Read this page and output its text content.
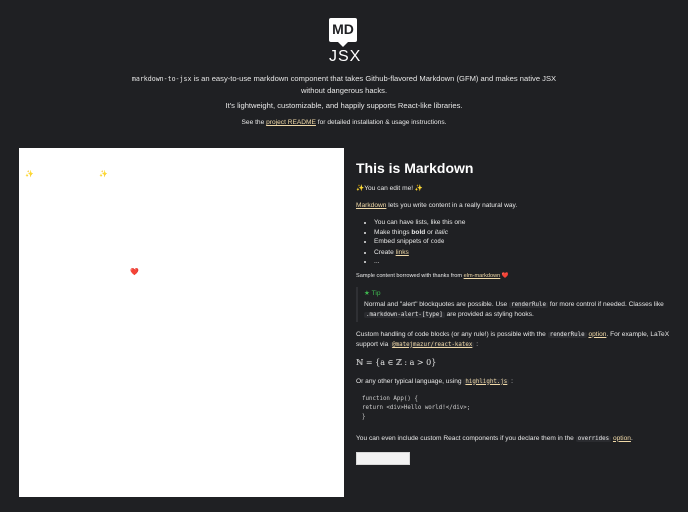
MD
JSX
markdown-to-jsx is an easy-to-use markdown component that takes Github-flavored Markdown (GFM) and makes native JSX without dangerous hacks.
It's lightweight, customizable, and happily supports React-like libraries.
See the project README for detailed installation & usage instructions.
✨	✨
❤️
This is Markdown
✨You can edit me! ✨
Markdown lets you write content in a really natural way.
• You can have lists, like this one
• Make things bold or italic
• Embed snippets of code
• Create links
• ...
Sample content borrowed with thanks from elm-markdown ❤️
★ Tip
Normal and "alert" blockquotes are possible. Use renderRule for more control if needed. Classes like .markdown-alert-[type] are provided as styling hooks.
Custom handling of code blocks (or any rule!) is possible with the renderRule option. For example, LaTeX support via @matejmazur/react-katex :
ℕ = {a ∈ ℤ : a > 0}
Or any other typical language, using highlight.js :
function App() {
return <div>Hello world!</div>;
}
You can even include custom React components if you declare them in the overrides option.
